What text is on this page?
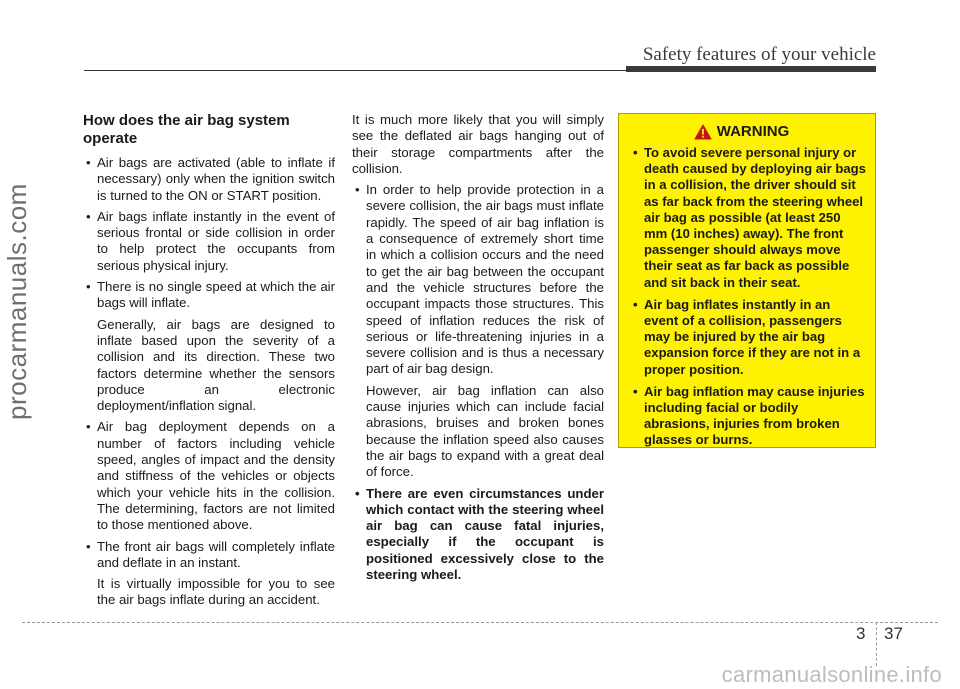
Safety features of your vehicle
procarmanuals.com
How does the air bag system operate

• Air bags are activated (able to inflate if necessary) only when the ignition switch is turned to the ON or START position.

• Air bags inflate instantly in the event of serious frontal or side collision in order to help protect the occupants from serious physical injury.

• There is no single speed at which the air bags will inflate.

Generally, air bags are designed to inflate based upon the severity of a collision and its direction. These two factors determine whether the sensors produce an electronic deployment/inflation signal.

• Air bag deployment depends on a number of factors including vehicle speed, angles of impact and the density and stiffness of the vehicles or objects which your vehicle hits in the collision. The determining, factors are not limited to those mentioned above.

• The front air bags will completely inflate and deflate in an instant.

It is virtually impossible for you to see the air bags inflate during an accident.

It is much more likely that you will simply see the deflated air bags hanging out of their storage compartments after the collision.

• In order to help provide protection in a severe collision, the air bags must inflate rapidly. The speed of air bag inflation is a consequence of extremely short time in which a collision occurs and the need to get the air bag between the occupant and the vehicle structures before the occupant impacts those structures. This speed of inflation reduces the risk of serious or life-threatening injuries in a severe collision and is thus a necessary part of air bag design.

However, air bag inflation can also cause injuries which can include facial abrasions, bruises and broken bones because the inflation speed also causes the air bags to expand with a great deal of force.

• There are even circumstances under which contact with the steering wheel air bag can cause fatal injuries, especially if the occupant is positioned excessively close to the steering wheel.

WARNING
• To avoid severe personal injury or death caused by deploying air bags in a collision, the driver should sit as far back from the steering wheel air bag as possible (at least 250 mm (10 inches) away). The front passenger should always move their seat as far back as possible and sit back in their seat.
• Air bag inflates instantly in an event of a collision, passengers may be injured by the air bag expansion force if they are not in a proper position.
• Air bag inflation may cause injuries including facial or bodily abrasions, injuries from broken glasses or burns.
3 37
carmanualsonline.info
